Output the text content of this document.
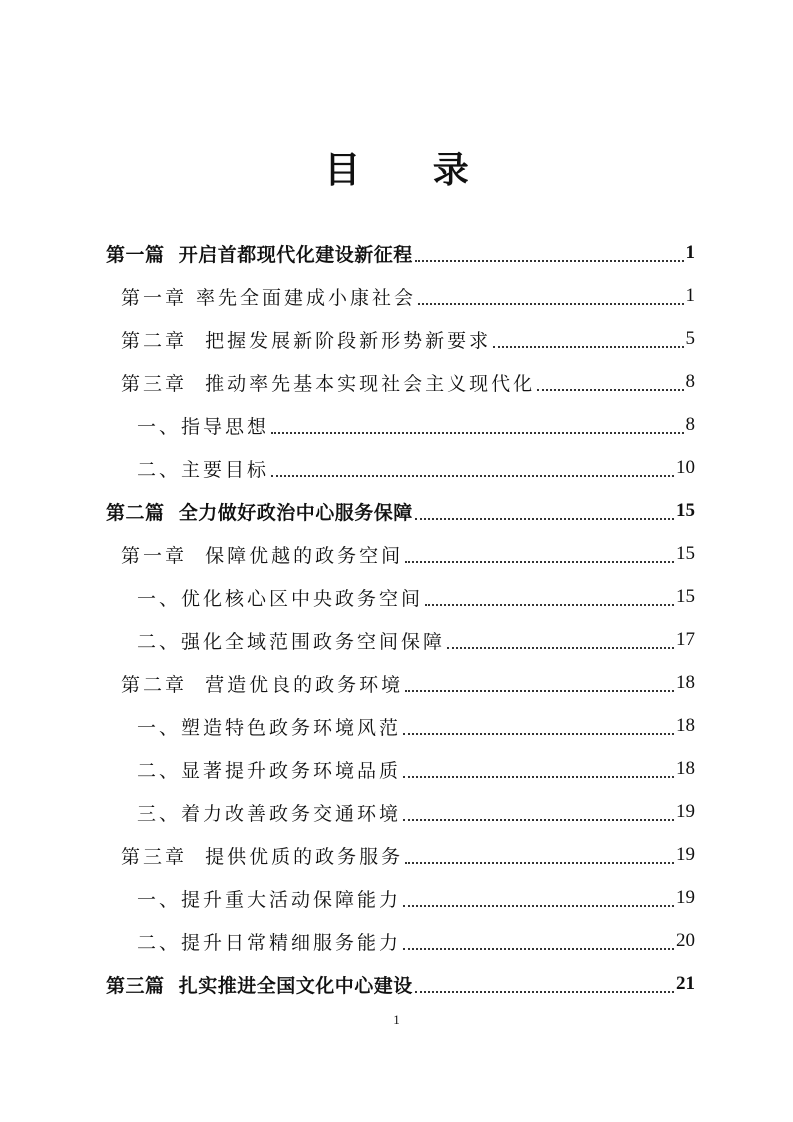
目 录
第一篇  开启首都现代化建设新征程	1
第一章 率先全面建成小康社会	1
第二章  把握发展新阶段新形势新要求	5
第三章  推动率先基本实现社会主义现代化	8
一、指导思想	8
二、主要目标	10
第二篇  全力做好政治中心服务保障	15
第一章  保障优越的政务空间	15
一、优化核心区中央政务空间	15
二、强化全域范围政务空间保障	17
第二章  营造优良的政务环境	18
一、塑造特色政务环境风范	18
二、显著提升政务环境品质	18
三、着力改善政务交通环境	19
第三章  提供优质的政务服务	19
一、提升重大活动保障能力	19
二、提升日常精细服务能力	20
第三篇  扎实推进全国文化中心建设	21
1
